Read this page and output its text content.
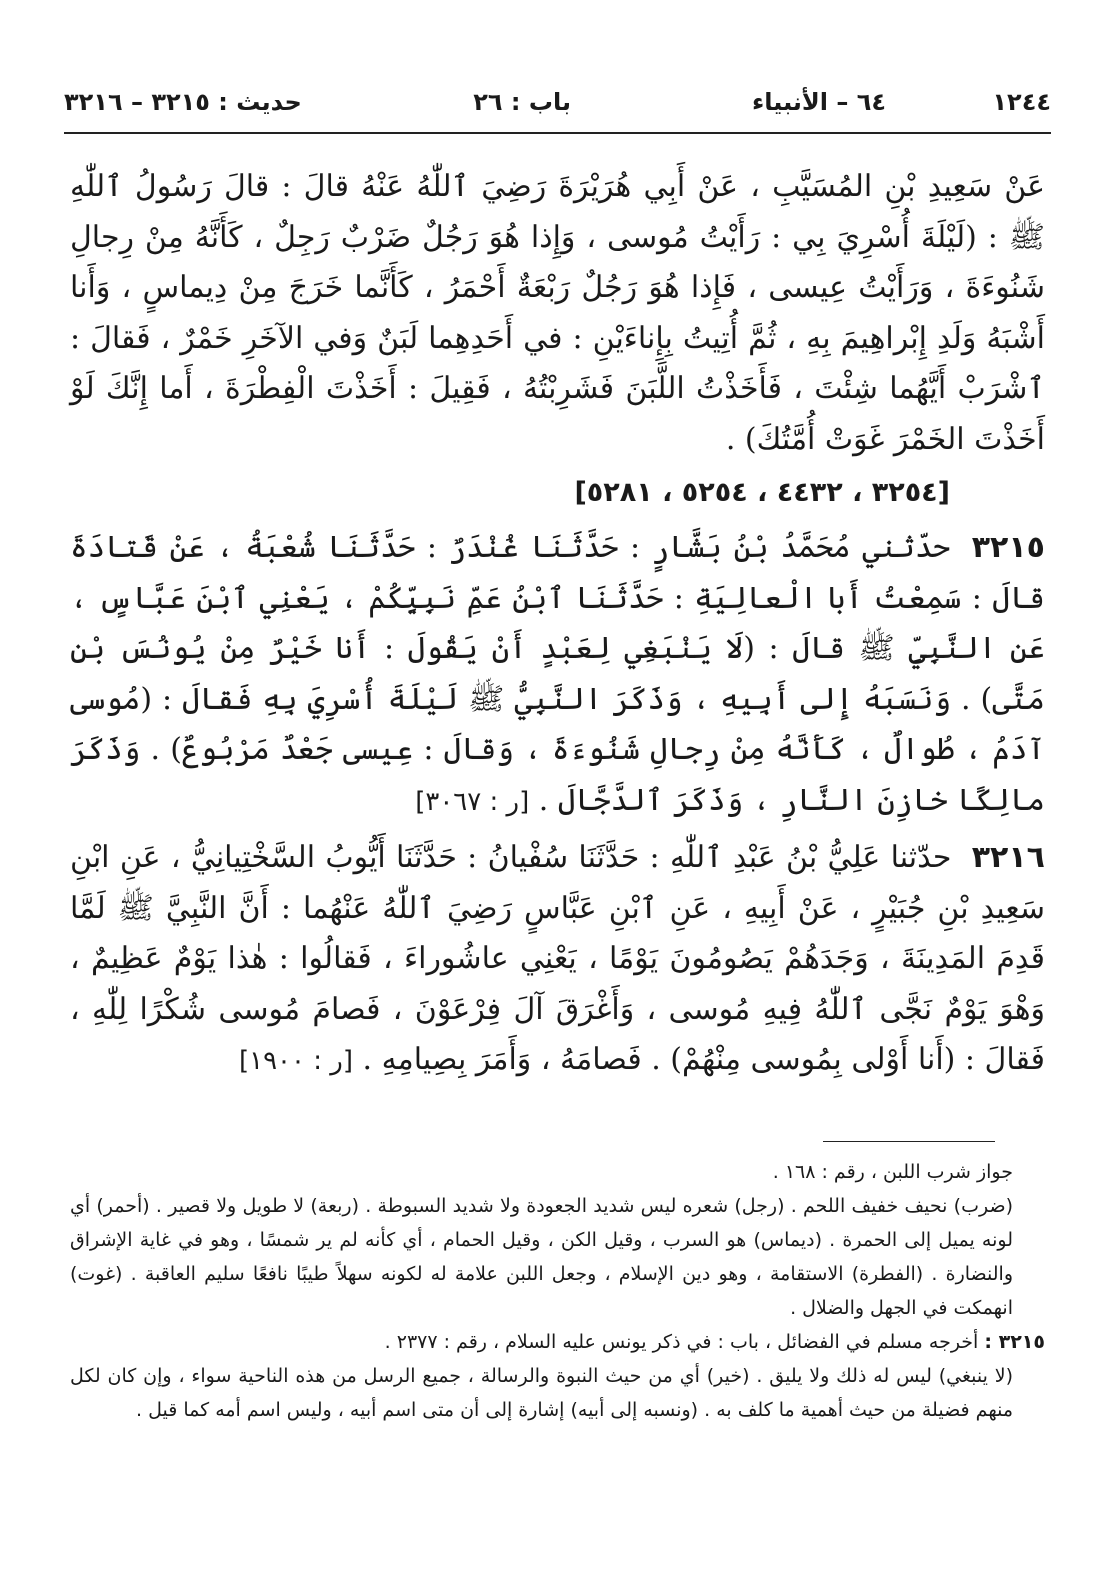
١٢٤٤
٦٤ – الأنبياء
باب : ٢٦
حديث : ٣٢١٥ – ٣٢١٦

عَنْ سَعِيدِ بْنِ المُسَيَّبِ ، عَنْ أَبِي هُرَيْرَةَ رَضِيَ ٱللّٰهُ عَنْهُ قالَ : قالَ رَسُولُ ٱللّٰهِ ﷺ : (لَيْلَةَ أُسْرِيَ بِي : رَأَيْتُ مُوسى ، وَإِذا هُوَ رَجُلٌ ضَرْبٌ رَجِلٌ ، كَأَنَّهُ مِنْ رِجالِ شَنُوءَةَ ، وَرَأَيْتُ عِيسى ، فَإِذا هُوَ رَجُلٌ رَبْعَةٌ أَحْمَرُ ، كَأَنَّما خَرَجَ مِنْ دِيماسٍ ، وَأَنا أَشْبَهُ وَلَدِ إِبْراهِيمَ بِهِ ، ثُمَّ أُتِيتُ بِإِناءَيْنِ : في أَحَدِهِما لَبَنٌ وَفي الآخَرِ خَمْرٌ ، فَقالَ : ٱشْرَبْ أَيَّهُما شِئْتَ ، فَأَخَذْتُ اللَّبَنَ فَشَرِبْتُهُ ، فَقِيلَ : أَخَذْتَ الْفِطْرَةَ ، أَما إِنَّكَ لَوْ أَخَذْتَ الخَمْرَ غَوَتْ أُمَّتُكَ) .

[٣٢٥٤ ، ٤٤٣٢ ، ٥٢٥٤ ، ٥٢٨١]

٣٢١٥ حدّثني مُحَمَّدُ بْنُ بَشَّارٍ : حَدَّثَنَا غُنْدَرٌ : حَدَّثَنَا شُعْبَةُ ، عَنْ قَتادَةَ قالَ : سَمِعْتُ أَبا الْعالِيَةِ : حَدَّثَنَا ٱبْنُ عَمِّ نَبِيِّكُمْ ، يَعْنِي ٱبْنَ عَبَّاسٍ ، عَنِ النَّبِيِّ ﷺ قالَ : (لَا يَنْبَغِي لِعَبْدٍ أَنْ يَقُولَ : أَنا خَيْرٌ مِنْ يُونُسَ بْنِ مَتَّى) . وَنَسَبَهُ إِلى أَبِيهِ ، وَذَكَرَ النَّبِيُّ ﷺ لَيْلَةَ أُسْرِيَ بِهِ فَقالَ : (مُوسى آدَمُ ، طُوالٌ ، كَأَنَّهُ مِنْ رِجالِ شَنُوءَةَ ، وَقالَ : عِيسى جَعْدٌ مَرْبُوعٌ) . وَذَكَرَ مالِكًا خازِنَ النَّارِ ، وَذَكَرَ ٱلدَّجَّالَ . [ر : ٣٠٦٧]

٣٢١٦ حدّثنا عَلِيُّ بْنُ عَبْدِ ٱللّٰهِ : حَدَّثَنَا سُفْيانُ : حَدَّثَنَا أَيُّوبُ السَّخْتِيانِيُّ ، عَنِ ابْنِ سَعِيدِ بْنِ جُبَيْرٍ ، عَنْ أَبِيهِ ، عَنِ ٱبْنِ عَبَّاسٍ رَضِيَ ٱللّٰهُ عَنْهُما : أَنَّ النَّبِيَّ ﷺ لَمَّا قَدِمَ المَدِينَةَ ، وَجَدَهُمْ يَصُومُونَ يَوْمًا ، يَعْنِي عاشُوراءَ ، فَقالُوا : هٰذا يَوْمٌ عَظِيمٌ ، وَهْوَ يَوْمٌ نَجَّى ٱللّٰهُ فِيهِ مُوسى ، وَأَغْرَقَ آلَ فِرْعَوْنَ ، فَصامَ مُوسى شُكْرًا لِلّٰهِ ، فَقالَ : (أَنا أَوْلى بِمُوسى مِنْهُمْ) . فَصامَهُ ، وَأَمَرَ بِصِيامِهِ . [ر : ١٩٠٠]

جواز شرب اللبن ، رقم : ١٦٨ .

(ضرب) نحيف خفيف اللحم . (رجل) شعره ليس شديد الجعودة ولا شديد السبوطة . (ربعة) لا طويل ولا قصير . (أحمر) أي لونه يميل إلى الحمرة . (ديماس) هو السرب ، وقيل الكن ، وقيل الحمام ، أي كأنه لم ير شمسًا ، وهو في غاية الإشراق والنضارة . (الفطرة) الاستقامة ، وهو دين الإسلام ، وجعل اللبن علامة له لكونه سهلاً طيبًا نافعًا سليم العاقبة . (غوت) انهمكت في الجهل والضلال .

٣٢١٥ : أخرجه مسلم في الفضائل ، باب : في ذكر يونس عليه السلام ، رقم : ٢٣٧٧ .

(لا ينبغي) ليس له ذلك ولا يليق . (خير) أي من حيث النبوة والرسالة ، جميع الرسل من هذه الناحية سواء ، وإن كان لكل منهم فضيلة من حيث أهمية ما كلف به . (ونسبه إلى أبيه) إشارة إلى أن متى اسم أبيه ، وليس اسم أمه كما قيل .
